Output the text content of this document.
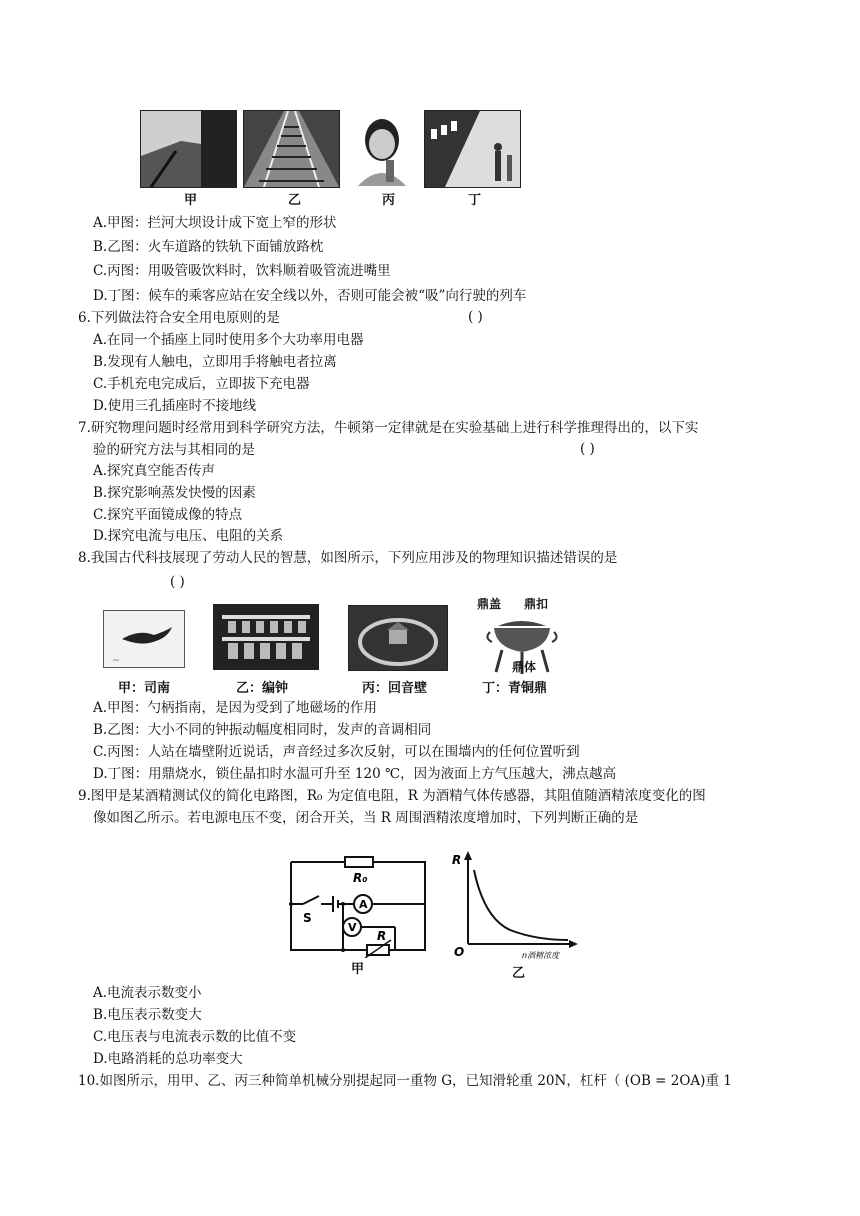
甲	乙	丙	丁
A.甲图：拦河大坝设计成下宽上窄的形状
B.乙图：火车道路的铁轨下面铺放路枕
C.丙图：用吸管吸饮料时，饮料顺着吸管流进嘴里
D.丁图：候车的乘客应站在安全线以外，否则可能会被“吸”向行驶的列车
6.下列做法符合安全用电原则的是	( )
A.在同一个插座上同时使用多个大功率用电器
B.发现有人触电，立即用手将触电者拉离
C.手机充电完成后，立即拔下充电器
D.使用三孔插座时不接地线
7.研究物理问题时经常用到科学研究方法，牛顿第一定律就是在实验基础上进行科学推理得出的，以下实
验的研究方法与其相同的是	( )
A.探究真空能否传声
B.探究影响蒸发快慢的因素
C.探究平面镜成像的特点
D.探究电流与电压、电阻的关系
8.我国古代科技展现了劳动人民的智慧，如图所示，下列应用涉及的物理知识描述错误的是
( )
~
鼎盖 鼎扣
鼎体
甲：司南	乙：编钟	丙：回音壁	丁：青铜鼎
A.甲图：勺柄指南，是因为受到了地磁场的作用
B.乙图：大小不同的钟振动幅度相同时，发声的音调相同
C.丙图：人站在墙壁附近说话，声音经过多次反射，可以在围墙内的任何位置听到
D.丁图：用鼎烧水，锁住晶扣时水温可升至 120 ℃，因为液面上方气压越大，沸点越高
9.图甲是某酒精测试仪的简化电路图，R₀ 为定值电阻，R 为酒精气体传感器，其阻值随酒精浓度变化的图
像如图乙所示。若电源电压不变，闭合开关，当 R 周围酒精浓度增加时，下列判断正确的是
R₀
A
V
S
R
甲
R
O	n酒精浓度
乙
A.电流表示数变小
B.电压表示数变大
C.电压表与电流表示数的比值不变
D.电路消耗的总功率变大
10.如图所示，用甲、乙、丙三种简单机械分别提起同一重物 G，已知滑轮重 20N，杠杆（ (OB = 2OA)重 1
